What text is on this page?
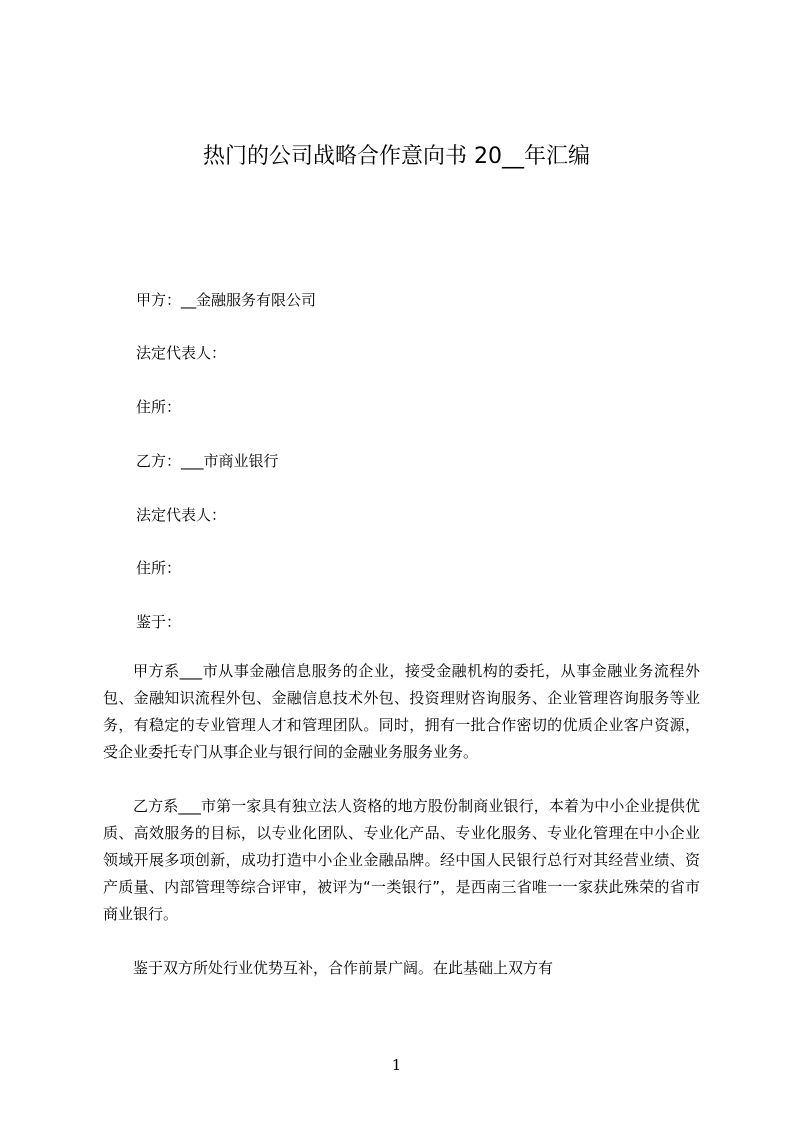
热门的公司战略合作意向书 20__年汇编
甲方：__金融服务有限公司
法定代表人：
住所：
乙方：___市商业银行
法定代表人：
住所：
鉴于：

甲方系___市从事金融信息服务的企业，接受金融机构的委托，从事金融业务流程外包、金融知识流程外包、金融信息技术外包、投资理财咨询服务、企业管理咨询服务等业务，有稳定的专业管理人才和管理团队。同时，拥有一批合作密切的优质企业客户资源，受企业委托专门从事企业与银行间的金融业务服务业务。

乙方系___市第一家具有独立法人资格的地方股份制商业银行，本着为中小企业提供优质、高效服务的目标，以专业化团队、专业化产品、专业化服务、专业化管理在中小企业领域开展多项创新，成功打造中小企业金融品牌。经中国人民银行总行对其经营业绩、资产质量、内部管理等综合评审，被评为“一类银行”，是西南三省唯一一家获此殊荣的省市商业银行。

鉴于双方所处行业优势互补，合作前景广阔。在此基础上双方有

1
